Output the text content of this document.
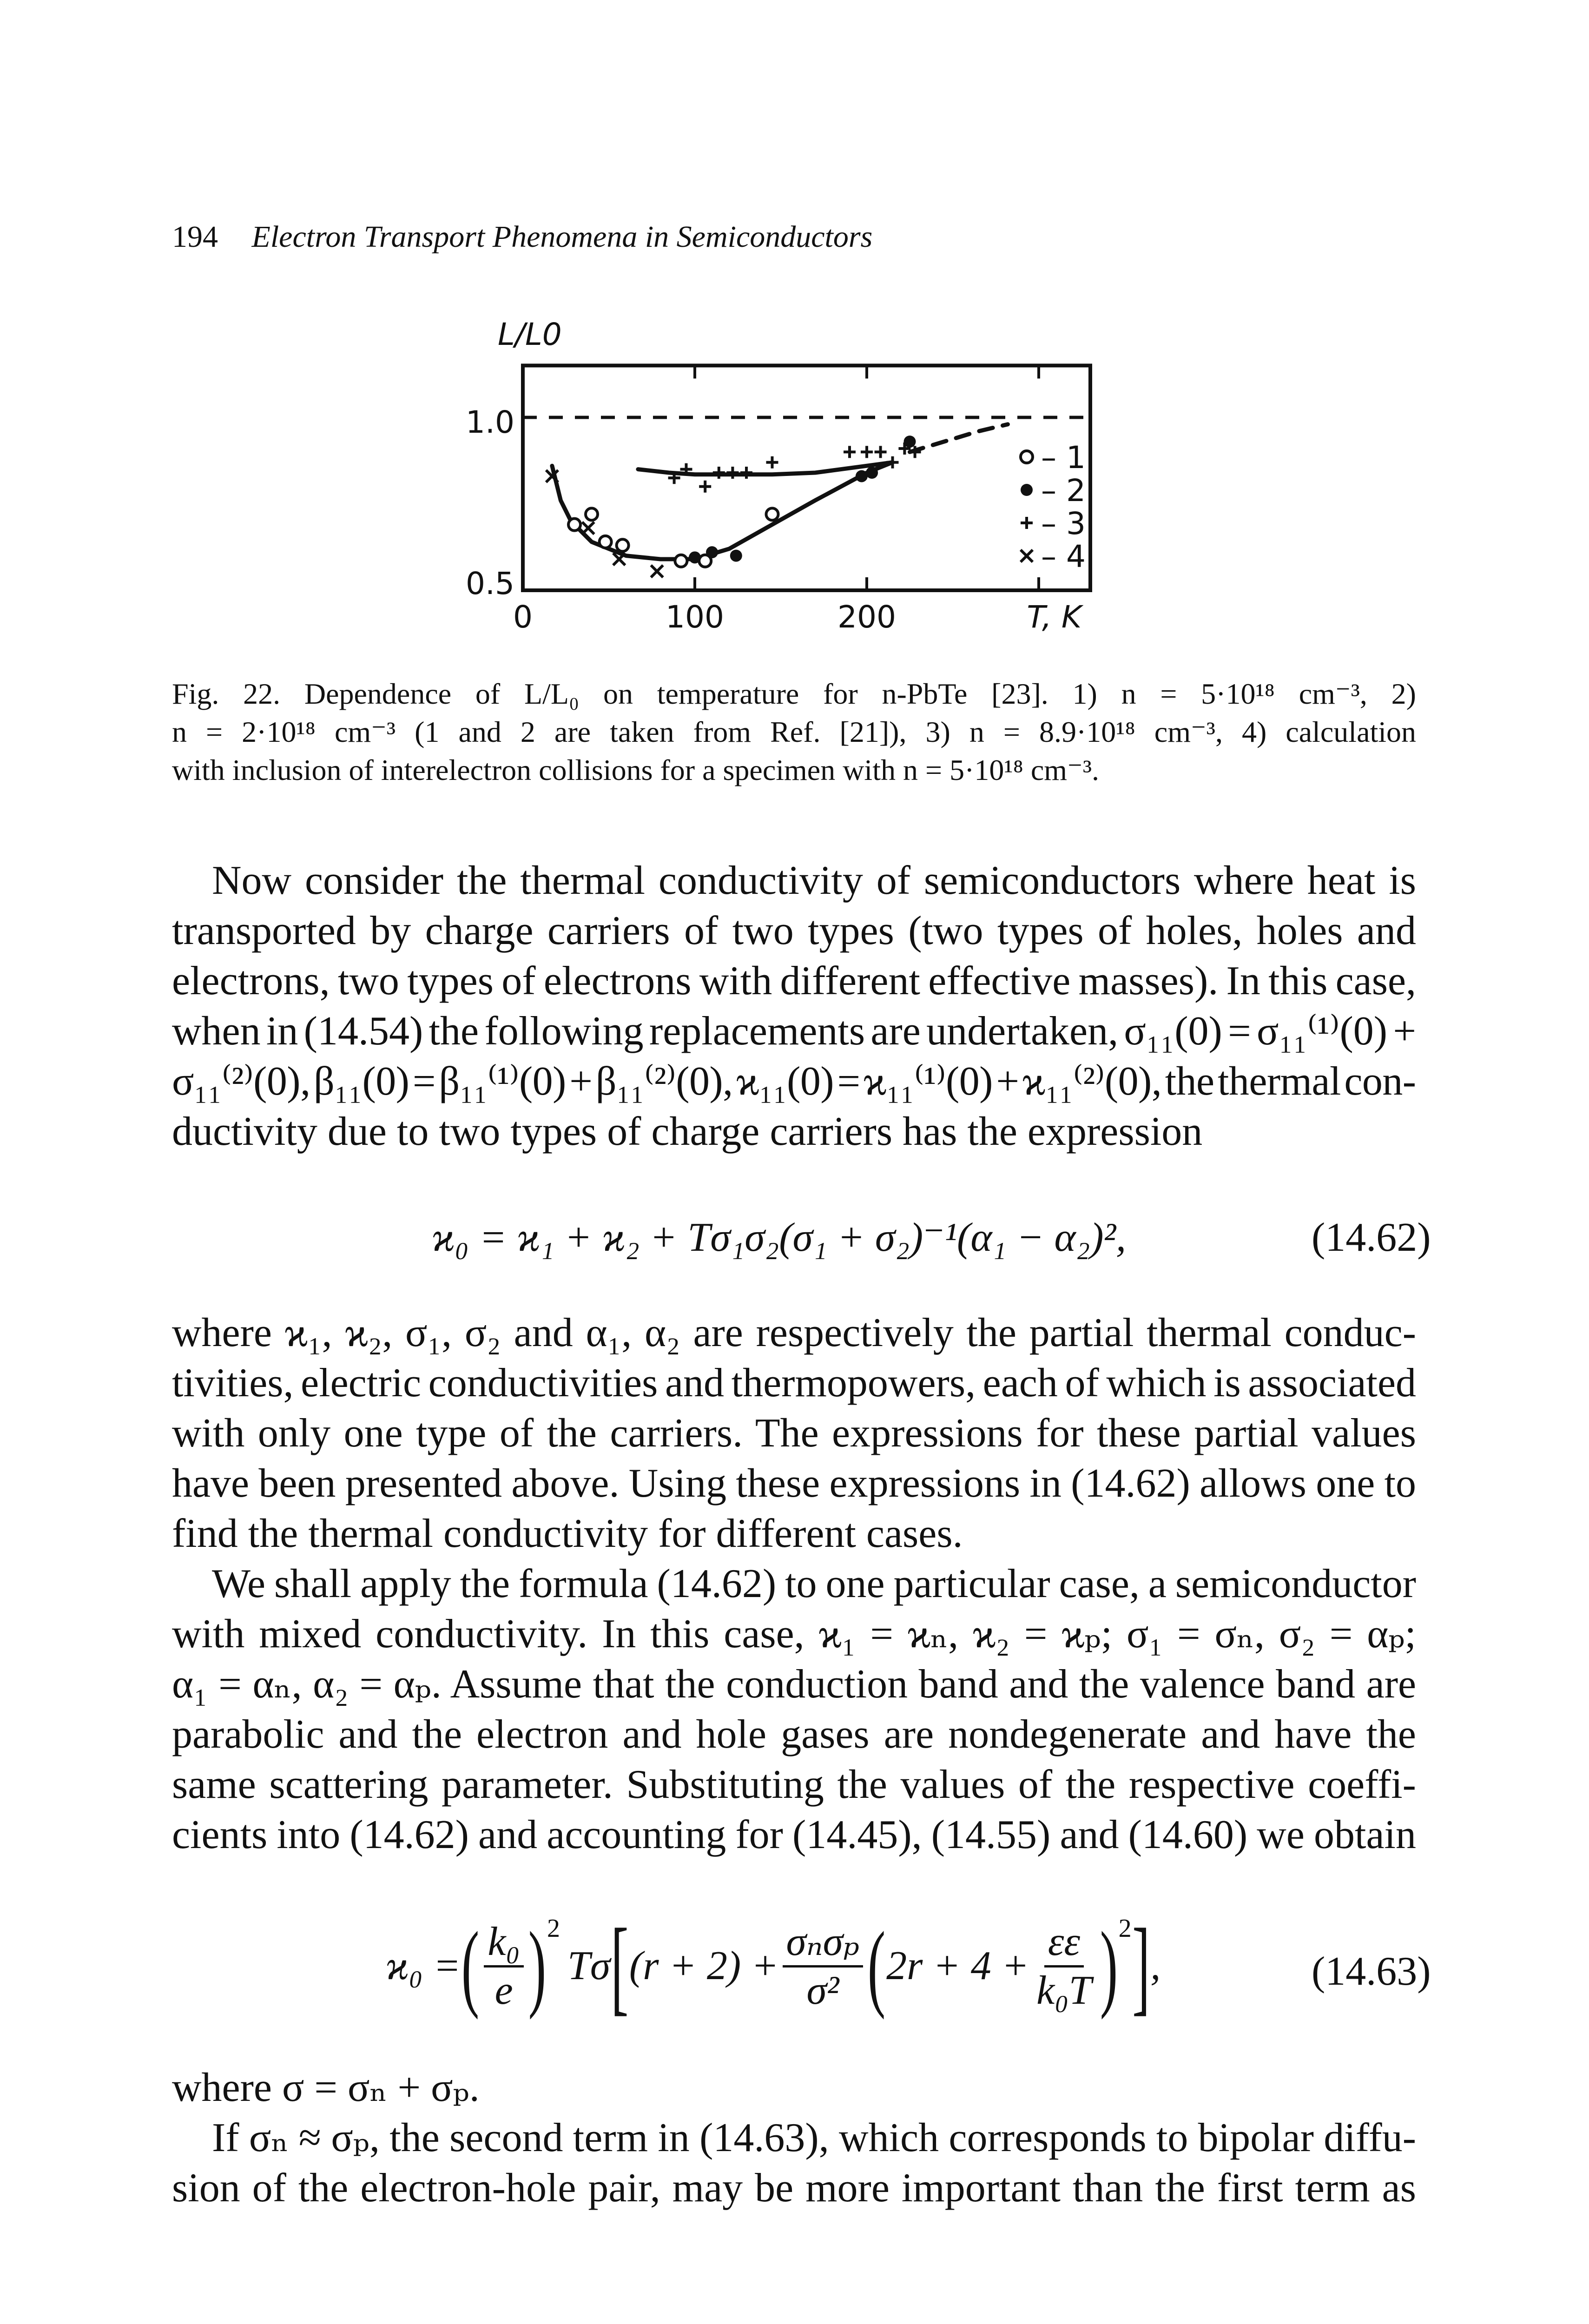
194 Electron Transport Phenomena in Semiconductors
L/L0
0	100	200
0.5
1.0
– 1
– 2
– 3
– 4
T, K
Fig. 22. Dependence of L/L₀ on temperature for n-PbTe [23]. 1) n = 5·10¹⁸ cm⁻³, 2)
n = 2·10¹⁸ cm⁻³ (1 and 2 are taken from Ref. [21]), 3) n = 8.9·10¹⁸ cm⁻³, 4) calculation
with inclusion of interelectron collisions for a specimen with n = 5·10¹⁸ cm⁻³.
Now consider the thermal conductivity of semiconductors where heat is
transported by charge carriers of two types (two types of holes, holes and
electrons, two types of electrons with different effective masses). In this case,
when in (14.54) the following replacements are undertaken, σ₁₁(0) = σ₁₁⁽¹⁾(0) +
σ₁₁⁽²⁾(0), β₁₁(0) = β₁₁⁽¹⁾(0) + β₁₁⁽²⁾(0), ϰ₁₁(0) = ϰ₁₁⁽¹⁾(0) + ϰ₁₁⁽²⁾(0), the thermal con-
ductivity due to two types of charge carriers has the expression
ϰ₀ = ϰ₁ + ϰ₂ + Tσ₁σ₂(σ₁ + σ₂)⁻¹(α₁ − α₂)²,	(14.62)
where ϰ₁, ϰ₂, σ₁, σ₂ and α₁, α₂ are respectively the partial thermal conduc-
tivities, electric conductivities and thermopowers, each of which is associated
with only one type of the carriers. The expressions for these partial values
have been presented above. Using these expressions in (14.62) allows one to
find the thermal conductivity for different cases.
We shall apply the formula (14.62) to one particular case, a semiconductor
with mixed conductivity. In this case, ϰ₁ = ϰₙ, ϰ₂ = ϰₚ; σ₁ = σₙ, σ₂ = αₚ;
α₁ = αₙ, α₂ = αₚ. Assume that the conduction band and the valence band are
parabolic and the electron and hole gases are nondegenerate and have the
same scattering parameter. Substituting the values of the respective coeffi-
cients into (14.62) and accounting for (14.45), (14.55) and (14.60) we obtain
ϰ₀ = ( $\frac{\text{k₀}}{e}$ ) 2
Tσ [ $(r + 2) + \frac{\text{σₙσₚ}}{\text{σ²}}$ ( $2r + 4 + \frac{\varepsilon\varepsilon}{\text{k₀T}}$ ) 2 ] ,	(14.63)
where σ = σₙ + σₚ.
If σₙ ≈ σₚ, the second term in (14.63), which corresponds to bipolar diffu-
sion of the electron-hole pair, may be more important than the first term as
